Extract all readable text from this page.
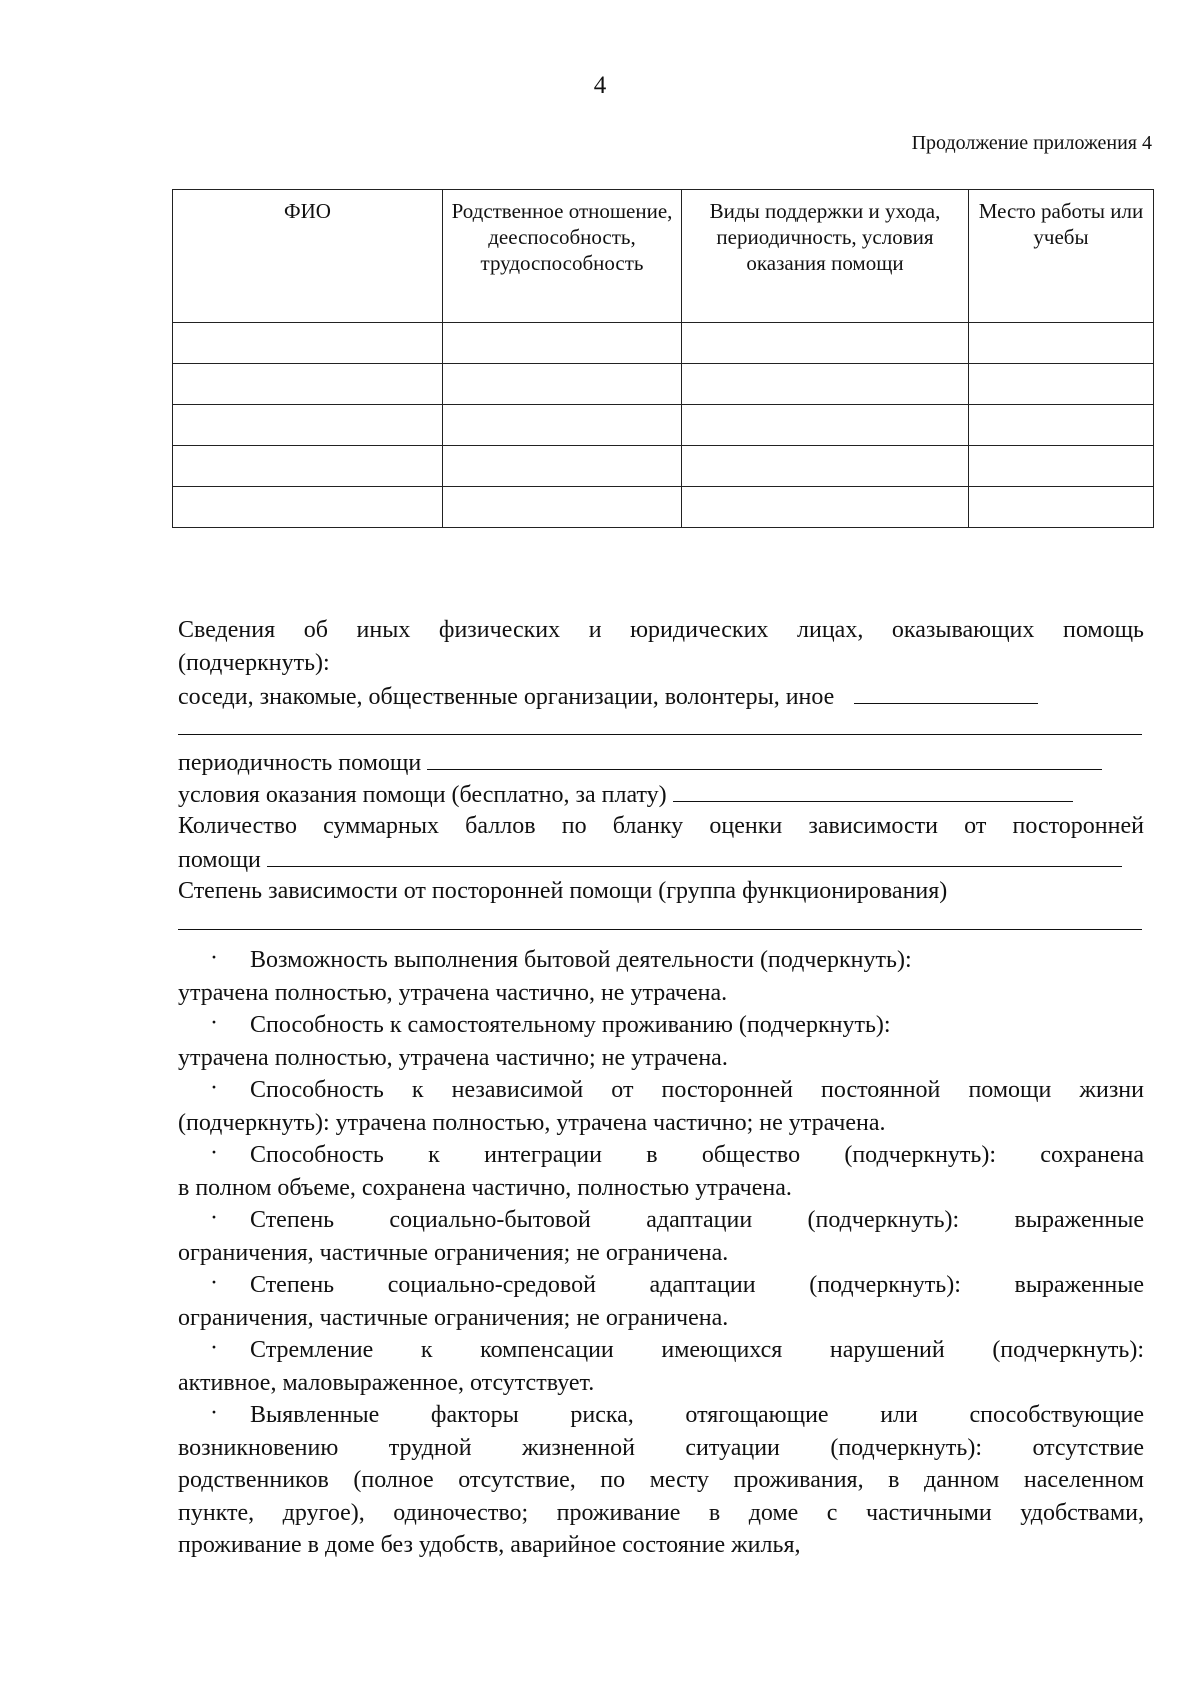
4
Продолжение приложения 4
ФИО	Родственное отношение, дееспособность, трудоспособность	Виды поддержки и ухода, периодичность, условия оказания помощи	Место работы или учебы

Сведения об иных физических и юридических лицах, оказывающих помощь
(подчеркнуть):
соседи, знакомые, общественные организации, волонтеры, иное
периодичность помощи
условия оказания помощи (бесплатно, за плату)
Количество суммарных баллов по бланку оценки зависимости от посторонней
помощи
Степень зависимости от посторонней помощи (группа функционирования)
· Возможность выполнения бытовой деятельности (подчеркнуть):
утрачена полностью, утрачена частично, не утрачена.
· Способность к самостоятельному проживанию (подчеркнуть):
утрачена полностью, утрачена частично; не утрачена.
· Способность к независимой от посторонней постоянной помощи жизни
(подчеркнуть): утрачена полностью, утрачена частично; не утрачена.
· Способность к интеграции в общество (подчеркнуть): сохранена
в полном объеме, сохранена частично, полностью утрачена.
· Степень социально-бытовой адаптации (подчеркнуть): выраженные
ограничения, частичные ограничения; не ограничена.
· Степень социально-средовой адаптации (подчеркнуть): выраженные
ограничения, частичные ограничения; не ограничена.
· Стремление к компенсации имеющихся нарушений (подчеркнуть):
активное, маловыраженное, отсутствует.
· Выявленные факторы риска, отягощающие или способствующие
возникновению трудной жизненной ситуации (подчеркнуть): отсутствие
родственников (полное отсутствие, по месту проживания, в данном населенном
пункте, другое), одиночество; проживание в доме с частичными удобствами,
проживание в доме без удобств, аварийное состояние жилья,
